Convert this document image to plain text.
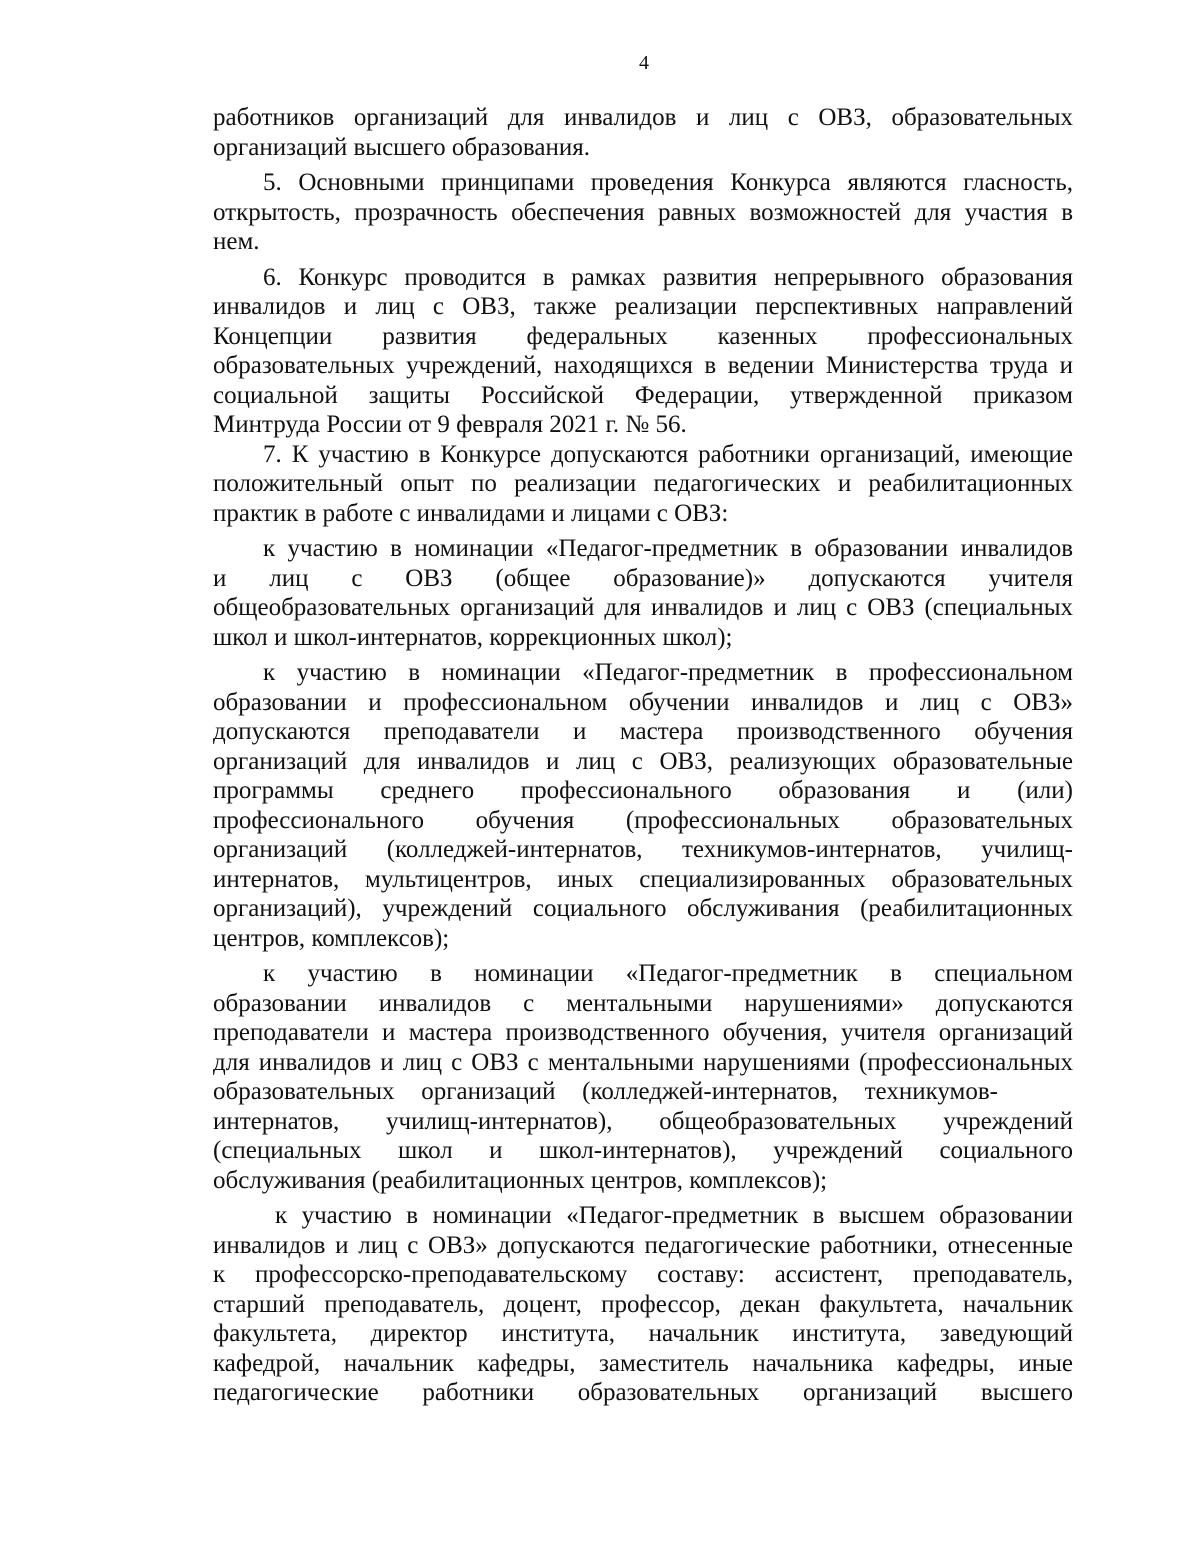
4
работников организаций для инвалидов и лиц с ОВЗ, образовательных
организаций высшего образования.
5. Основными принципами проведения Конкурса являются гласность,
открытость, прозрачность обеспечения равных возможностей для участия в
нем.
6. Конкурс проводится в рамках развития непрерывного образования
инвалидов и лиц с ОВЗ, также реализации перспективных направлений
Концепции развития федеральных казенных профессиональных
образовательных учреждений, находящихся в ведении Министерства труда и
социальной защиты Российской Федерации, утвержденной приказом
Минтруда России от 9 февраля 2021 г. № 56.
7. К участию в Конкурсе допускаются работники организаций, имеющие
положительный опыт по реализации педагогических и реабилитационных
практик в работе с инвалидами и лицами с ОВЗ:
к участию в номинации «Педагог-предметник в образовании инвалидов
и лиц с ОВЗ (общее образование)» допускаются учителя
общеобразовательных организаций для инвалидов и лиц с ОВЗ (специальных
школ и школ-интернатов, коррекционных школ);
к участию в номинации «Педагог-предметник в профессиональном
образовании и профессиональном обучении инвалидов и лиц с ОВЗ»
допускаются преподаватели и мастера производственного обучения
организаций для инвалидов и лиц с ОВЗ, реализующих образовательные
программы среднего профессионального образования и (или)
профессионального обучения (профессиональных образовательных
организаций (колледжей-интернатов, техникумов-интернатов, училищ-
интернатов, мультицентров, иных специализированных образовательных
организаций), учреждений социального обслуживания (реабилитационных
центров, комплексов);
к участию в номинации «Педагог-предметник в специальном
образовании инвалидов с ментальными нарушениями» допускаются
преподаватели и мастера производственного обучения, учителя организаций
для инвалидов и лиц с ОВЗ с ментальными нарушениями (профессиональных
образовательных организаций (колледжей-интернатов, техникумов-
интернатов, училищ-интернатов), общеобразовательных учреждений
(специальных школ и школ-интернатов), учреждений социального
обслуживания (реабилитационных центров, комплексов);
к участию в номинации «Педагог-предметник в высшем образовании
инвалидов и лиц с ОВЗ» допускаются педагогические работники, отнесенные
к профессорско-преподавательскому составу: ассистент, преподаватель,
старший преподаватель, доцент, профессор, декан факультета, начальник
факультета, директор института, начальник института, заведующий
кафедрой, начальник кафедры, заместитель начальника кафедры, иные
педагогические работники образовательных организаций высшего
